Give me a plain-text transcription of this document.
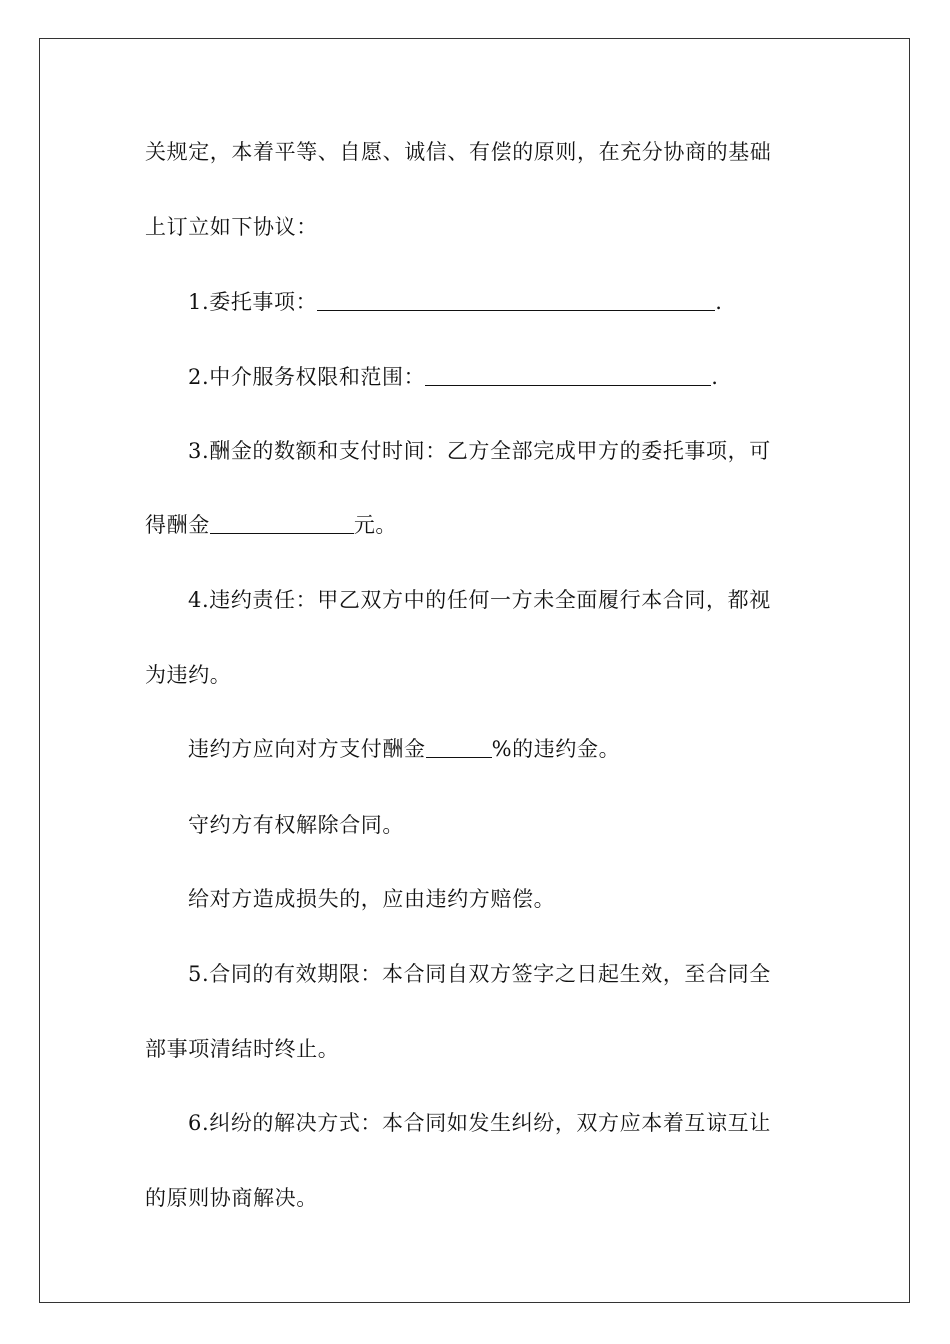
关规定，本着平等、自愿、诚信、有偿的原则，在充分协商的基础
上订立如下协议：
1.委托事项：	.
2.中介服务权限和范围：	.
3.酬金的数额和支付时间：乙方全部完成甲方的委托事项，可
得酬金	元。
4.违约责任：甲乙双方中的任何一方未全面履行本合同，都视
为违约。
违约方应向对方支付酬金	%的违约金。
守约方有权解除合同。
给对方造成损失的，应由违约方赔偿。
5.合同的有效期限：本合同自双方签字之日起生效，至合同全
部事项清结时终止。
6.纠纷的解决方式：本合同如发生纠纷，双方应本着互谅互让
的原则协商解决。
